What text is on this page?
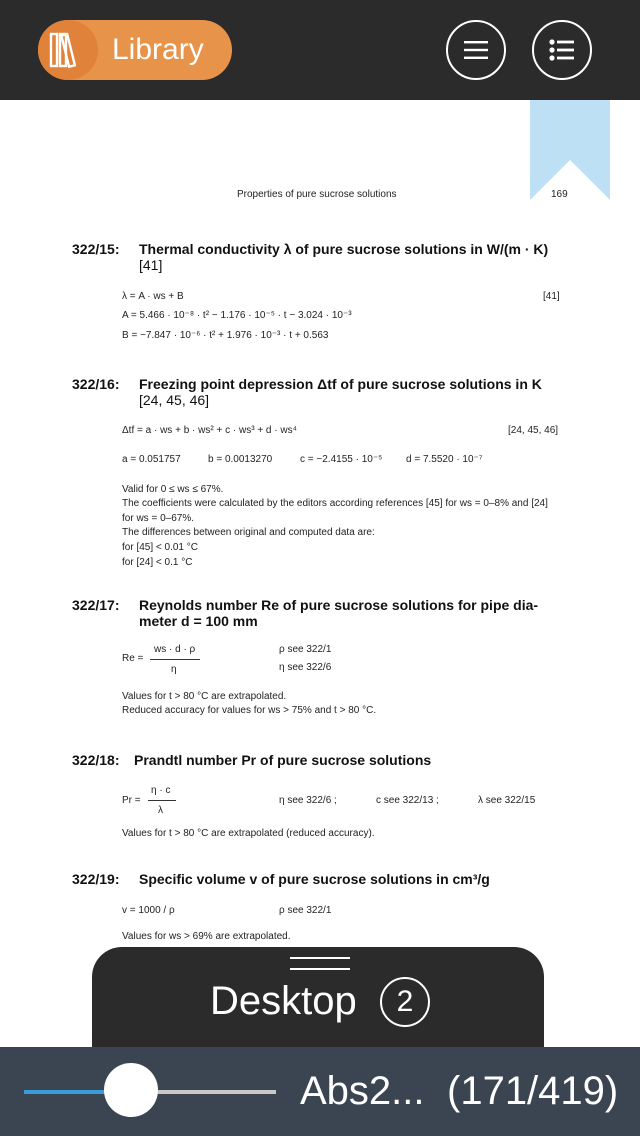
Library
Properties of pure sucrose solutions	169
322/15: Thermal conductivity λ of pure sucrose solutions in W/(m · K)
[41]
λ = A · ws + B	[41]
A = 5.466 · 10⁻⁸ · t² − 1.176 · 10⁻⁵ · t − 3.024 · 10⁻³
B = −7.847 · 10⁻⁶ · t² + 1.976 · 10⁻³ · t + 0.563
322/16: Freezing point depression Δtf of pure sucrose solutions in K
[24, 45, 46]
Δtf = a · ws + b · ws² + c · ws³ + d · ws⁴	[24, 45, 46]
a = 0.051757	b = 0.0013270	c = −2.4155 · 10⁻⁵ d = 7.5520 · 10⁻⁷
Valid for 0 ≤ ws ≤ 67%.
The coefficients were calculated by the editors according references [45] for ws = 0–8% and [24]
for ws = 0–67%.
The differences between original and computed data are:
for [45] < 0.01 °C
for [24] < 0.1 °C
322/17: Reynolds number Re of pure sucrose solutions for pipe dia-
meter d = 100 mm
Re =
ws · d · ρ
η
ρ see 322/1
η see 322/6
Values for t > 80 °C are extrapolated.
Reduced accuracy for values for ws > 75% and t > 80 °C.
322/18: Prandtl number Pr of pure sucrose solutions
Pr =
η · c
λ
η see 322/6 ;	c see 322/13 ;	λ see 322/15
Values for t > 80 °C are extrapolated (reduced accuracy).
322/19: Specific volume v of pure sucrose solutions in cm³/g
v = 1000 / ρ	ρ see 322/1
Values for ws > 69% are extrapolated.
Desktop	2
Abs2... (171/419)
